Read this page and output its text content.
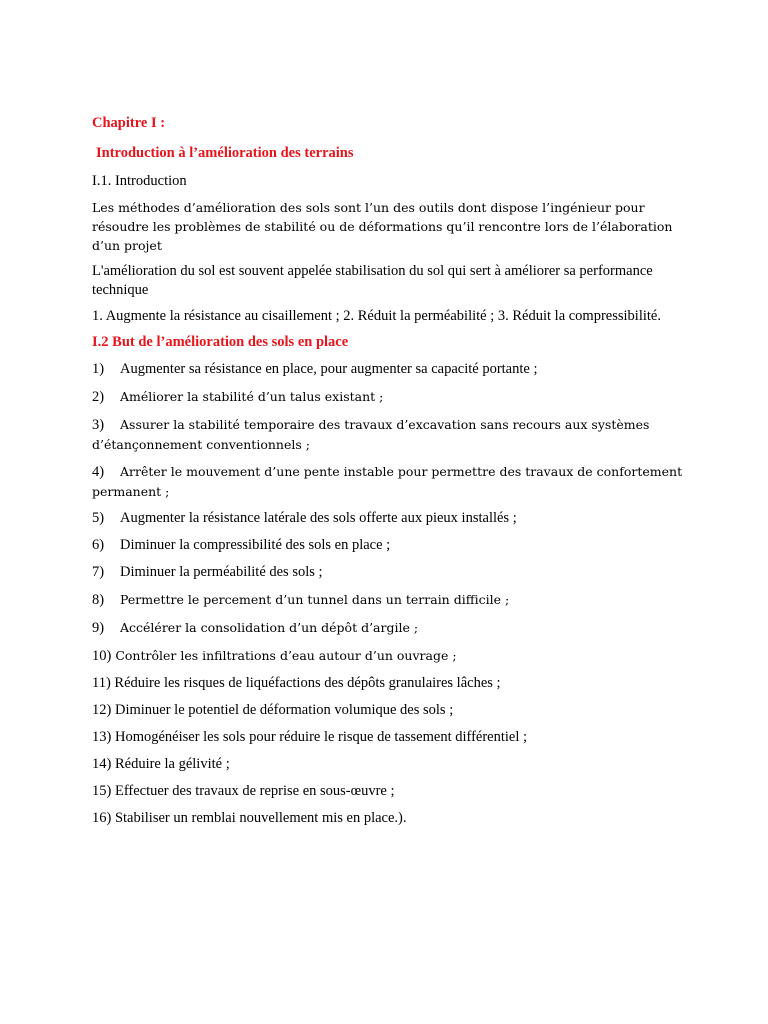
Chapitre I :
Introduction à l’amélioration des terrains
I.1. Introduction
Les méthodes d’amélioration des sols sont l’un des outils dont dispose l’ingénieur pour résoudre les problèmes de stabilité ou de déformations qu’il rencontre lors de l’élaboration d’un projet
L'amélioration du sol est souvent appelée stabilisation du sol qui sert à améliorer sa performance technique
1. Augmente la résistance au cisaillement ; 2. Réduit la perméabilité ; 3. Réduit la compressibilité.
I.2 But de l’amélioration des sols en place
1) Augmenter sa résistance en place, pour augmenter sa capacité portante ;
2) Améliorer la stabilité d’un talus existant ;
3) Assurer la stabilité temporaire des travaux d’excavation sans recours aux systèmes d’étançonnement conventionnels ;
4) Arrêter le mouvement d’une pente instable pour permettre des travaux de confortement permanent ;
5) Augmenter la résistance latérale des sols offerte aux pieux installés ;
6) Diminuer la compressibilité des sols en place ;
7) Diminuer la perméabilité des sols ;
8) Permettre le percement d’un tunnel dans un terrain difficile ;
9) Accélérer la consolidation d’un dépôt d’argile ;
10) Contrôler les infiltrations d’eau autour d’un ouvrage ;
11) Réduire les risques de liquéfactions des dépôts granulaires lâches ;
12) Diminuer le potentiel de déformation volumique des sols ;
13) Homogénéiser les sols pour réduire le risque de tassement différentiel ;
14) Réduire la gélivité ;
15) Effectuer des travaux de reprise en sous-œuvre ;
16) Stabiliser un remblai nouvellement mis en place.).
